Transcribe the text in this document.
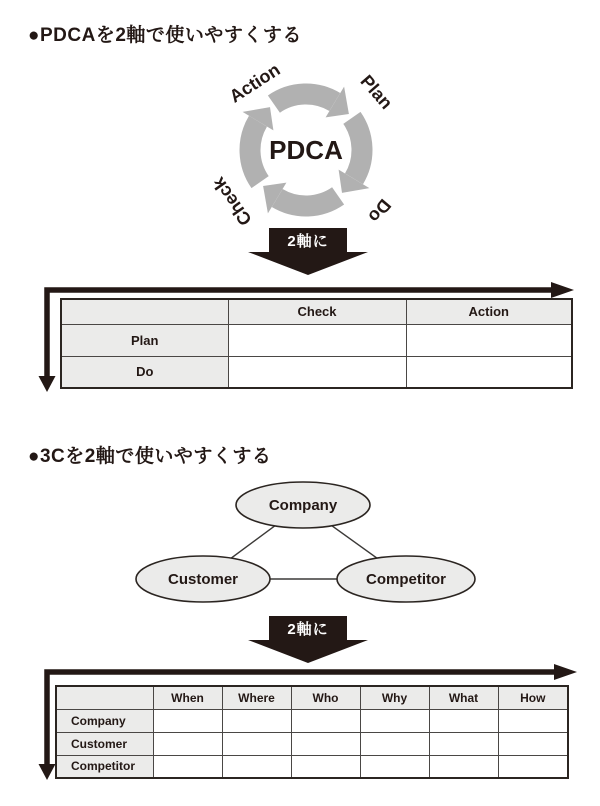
●PDCAを2軸で使いやすくする
Action	Plan
Do
Check
PDCA
2軸に
	Check	Action
Plan		
Do		
●3Cを2軸で使いやすくする
Company
Customer	Competitor
2軸に
	When	Where	Who	Why	What	How
Company						
Customer						
Competitor						
